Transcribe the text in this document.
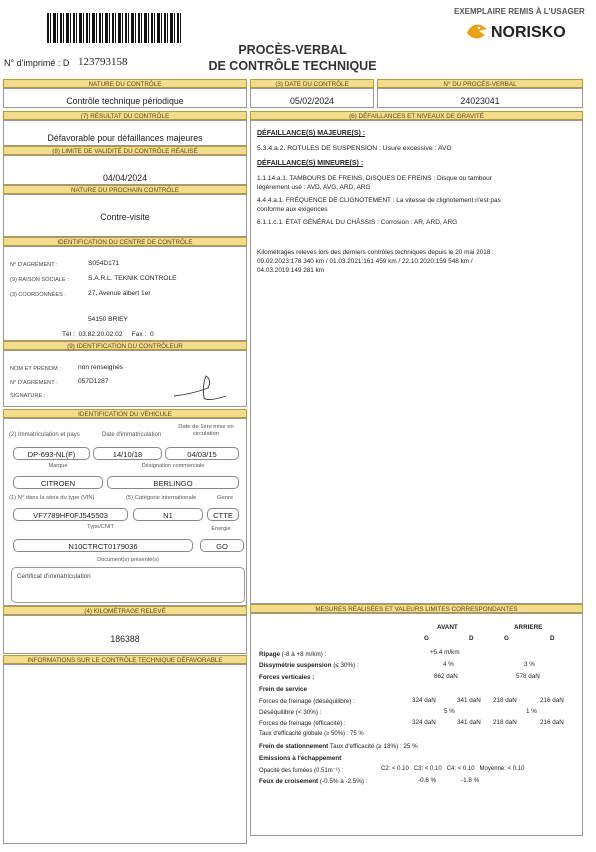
EXEMPLAIRE REMIS À L'USAGER
NORISKO
PROCÈS-VERBAL
DE CONTRÔLE TECHNIQUE
N° d'imprimé : D 123793158
NATURE DU CONTRÔLE
Contrôle technique périodique
(3) DATE DU CONTRÔLE
05/02/2024
N° DU PROCÈS-VERBAL
24023041
(7) RÉSULTAT DU CONTRÔLE
Défavorable pour défaillances majeures
(8) LIMITE DE VALIDITÉ DU CONTRÔLE RÉALISÉ
04/04/2024
NATURE DU PROCHAIN CONTRÔLE
Contre-visite
IDENTIFICATION DU CENTRE DE CONTRÔLE
N° D'AGRÉMENT :	S054D171
(9) RAISON SOCIALE :	S.A.R.L. TEKNIK CONTROLE
(3) COORDONNÉES :	27, Avenue albert 1er
54150 BRIEY
Tél :  03.82.20.02.02     Fax :  0
(9) IDENTIFICATION DU CONTRÔLEUR
NOM ET PRÉNOM :	non renseignés
N° D'AGRÉMENT :	057D1287
SIGNATURE :
IDENTIFICATION DU VÉHICULE
(2) Immatriculation et pays	Date d'immatriculation
Date de 1ere mise en circulation
DP-693-NL(F)	14/10/18	04/03/15
Marque	Désignation commerciale
CITROEN	BERLINGO
(1) N° dans la série du type (VIN)	(5) Catégorie internationale	Genre
VF7789HF0FJ545503	N1	CTTE
Type/CNIT	Energie
N10CTRCT0179036	GO
Document(s) présenté(s)
Certificat d'immatriculation
(4) KILOMÉTRAGE RELEVÉ
186388
INFORMATIONS SUR LE CONTRÔLE TECHNIQUE DÉFAVORABLE
(6) DÉFAILLANCES ET NIVEAUX DE GRAVITÉ
DÉFAILLANCE(S) MAJEURE(S) :
5.3.4.a.2. ROTULES DE SUSPENSION : Usure excessive : AVG
DÉFAILLANCE(S) MINEURE(S) :
1.1.14.a.1. TAMBOURS DE FREINS, DISQUES DE FREINS : Disque ou tambour
légèrement usé : AVD, AVG, ARD, ARG
4.4.4.a.1. FRÉQUENCE DE CLIGNOTEMENT : La vitesse de clignotement n'est pas
conforme aux exigences
6.1.1.c.1. ÉTAT GÉNÉRAL DU CHÂSSIS : Corrosion : AR, ARD, ARG
Kilométrages relevés lors des derniers contrôles techniques depuis le 20 mai 2018 :
09.02.2023:178 340 km / 01.03.2021:161 459 km / 22.10.2020:159 548 km /
04.03.2019:149 281 km
MESURES RÉALISÉES ET VALEURS LIMITES CORRESPONDANTES
AVANT	ARRIERE
G	D	G	D
Ripage (-8 à +8 m/km) :	+5.4 m/km
Dissymétrie suspension (≤ 30%) :	4 %	3 %
Forces verticales :	862 daN	578 daN
Frein de service
Forces de freinage (déséquilibre) :	324 daN	341 daN 218 daN	216 daN
Déséquilibre (< 30%) :	5 %	1 %
Forces de freinage (efficacité) :	324 daN	341 daN 218 daN	216 daN
Taux d'efficacité globale (≥ 50%) : 75 %
Frein de stationnement Taux d'efficacité (≥ 18%) : 25 %
Emissions à l'échappement
Opacité des fumées (0.51m⁻¹) :	C2: < 0.10   C3: < 0.10   C4: < 0.10   Moyenne: < 0.10
Feux de croisement (-0.5% à -2.5%) :	-0.6 %	-1.8 %
